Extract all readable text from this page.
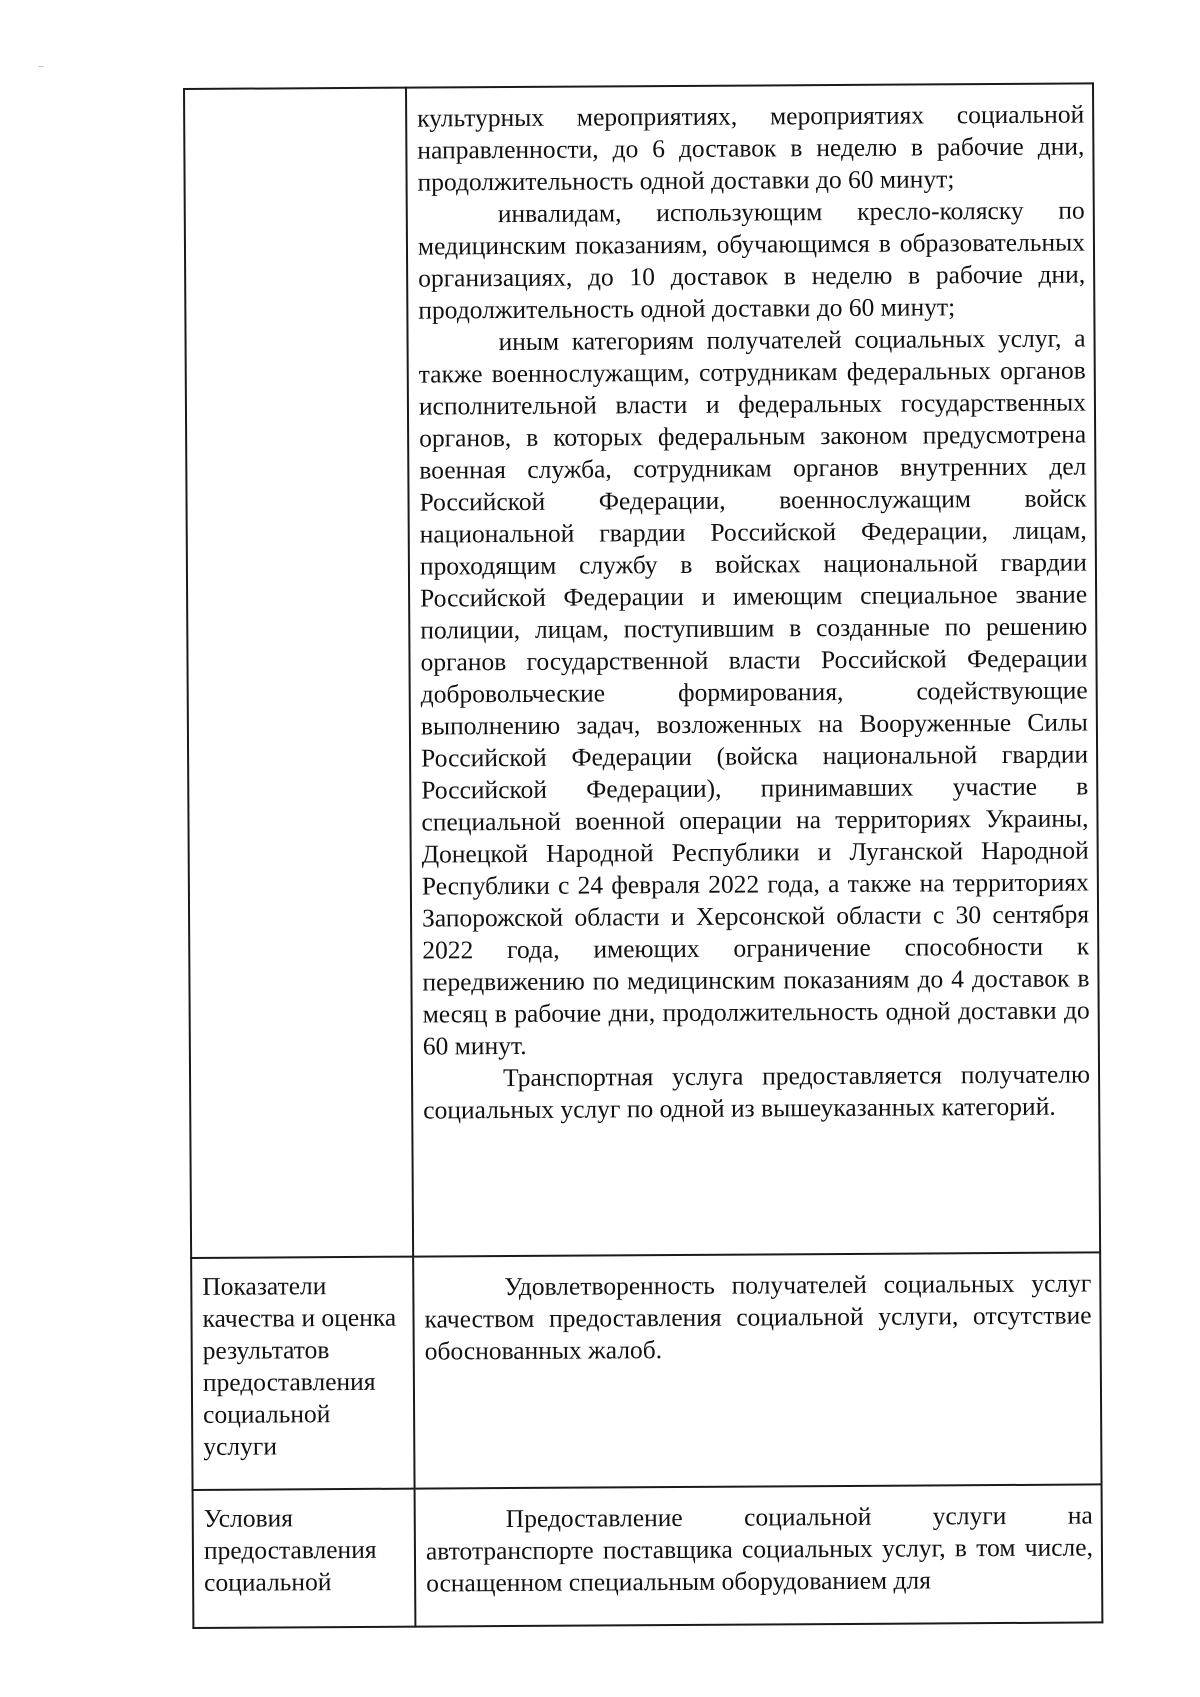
	культурных мероприятиях, мероприятиях социальной направленности, до 6 доставок в неделю в рабочие дни, продолжительность одной доставки до 60 минут;

инвалидам, использующим кресло-коляску по медицинским показаниям, обучающимся в образовательных организациях, до 10 доставок в неделю в рабочие дни, продолжительность одной доставки до 60 минут;

иным категориям получателей социальных услуг, а также военнослужащим, сотрудникам федеральных органов исполнительной власти и федеральных государственных органов, в которых федеральным законом предусмотрена военная служба, сотрудникам органов внутренних дел Российской Федерации, военнослужащим войск национальной гвардии Российской Федерации, лицам, проходящим службу в войсках национальной гвардии Российской Федерации и имеющим специальное звание полиции, лицам, поступившим в созданные по решению органов государственной власти Российской Федерации добровольческие формирования, содействующие выполнению задач, возложенных на Вооруженные Силы Российской Федерации (войска национальной гвардии Российской Федерации), принимавших участие в специальной военной операции на территориях Украины, Донецкой Народной Республики и Луганской Народной Республики с 24 февраля 2022 года, а также на территориях Запорожской области и Херсонской области с 30 сентября 2022 года, имеющих ограничение способности к передвижению по медицинским показаниям до 4 доставок в месяц в рабочие дни, продолжительность одной доставки до 60 минут.

Транспортная услуга предоставляется получателю социальных услуг по одной из вышеуказанных категорий.

Показатели качества и оценка результатов предоставления социальной услуги	Удовлетворенность получателей социальных услуг качеством предоставления социальной услуги, отсутствие обоснованных жалоб.

Условия предоставления социальной	Предоставление социальной услуги на автотранспорте поставщика социальных услуг, в том числе, оснащенном специальным оборудованием для
